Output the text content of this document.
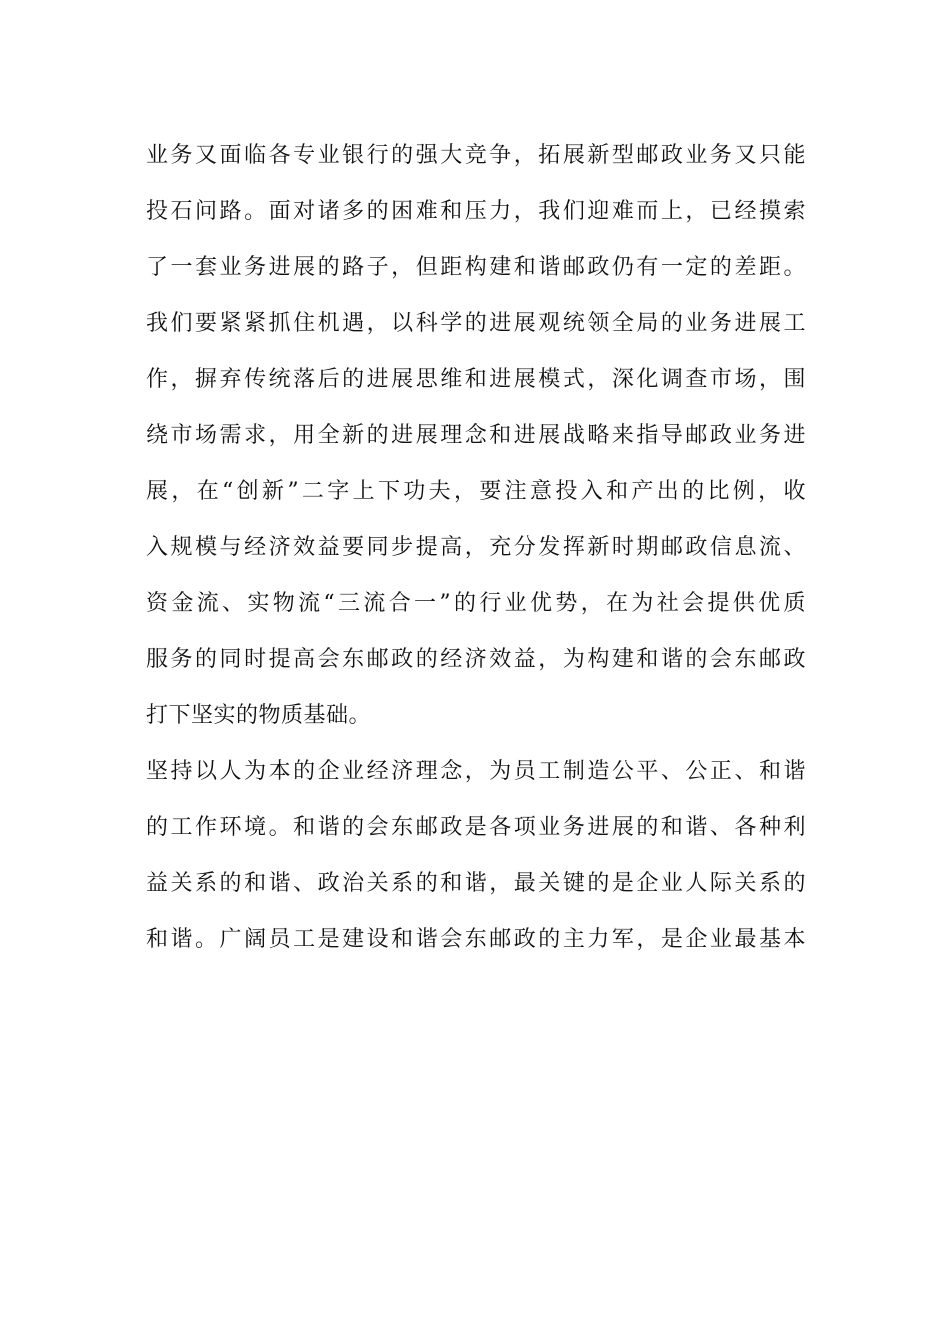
业务又面临各专业银行的强大竞争，拓展新型邮政业务又只能
投石问路。面对诸多的困难和压力，我们迎难而上，已经摸索
了一套业务进展的路子，但距构建和谐邮政仍有一定的差距。
我们要紧紧抓住机遇，以科学的进展观统领全局的业务进展工
作，摒弃传统落后的进展思维和进展模式，深化调查市场，围
绕市场需求，用全新的进展理念和进展战略来指导邮政业务进
展，在“创新”二字上下功夫，要注意投入和产出的比例，收
入规模与经济效益要同步提高，充分发挥新时期邮政信息流、
资金流、实物流“三流合一”的行业优势，在为社会提供优质
服务的同时提高会东邮政的经济效益，为构建和谐的会东邮政
打下坚实的物质基础。
坚持以人为本的企业经济理念，为员工制造公平、公正、和谐
的工作环境。和谐的会东邮政是各项业务进展的和谐、各种利
益关系的和谐、政治关系的和谐，最关键的是企业人际关系的
和谐。广阔员工是建设和谐会东邮政的主力军，是企业最基本
